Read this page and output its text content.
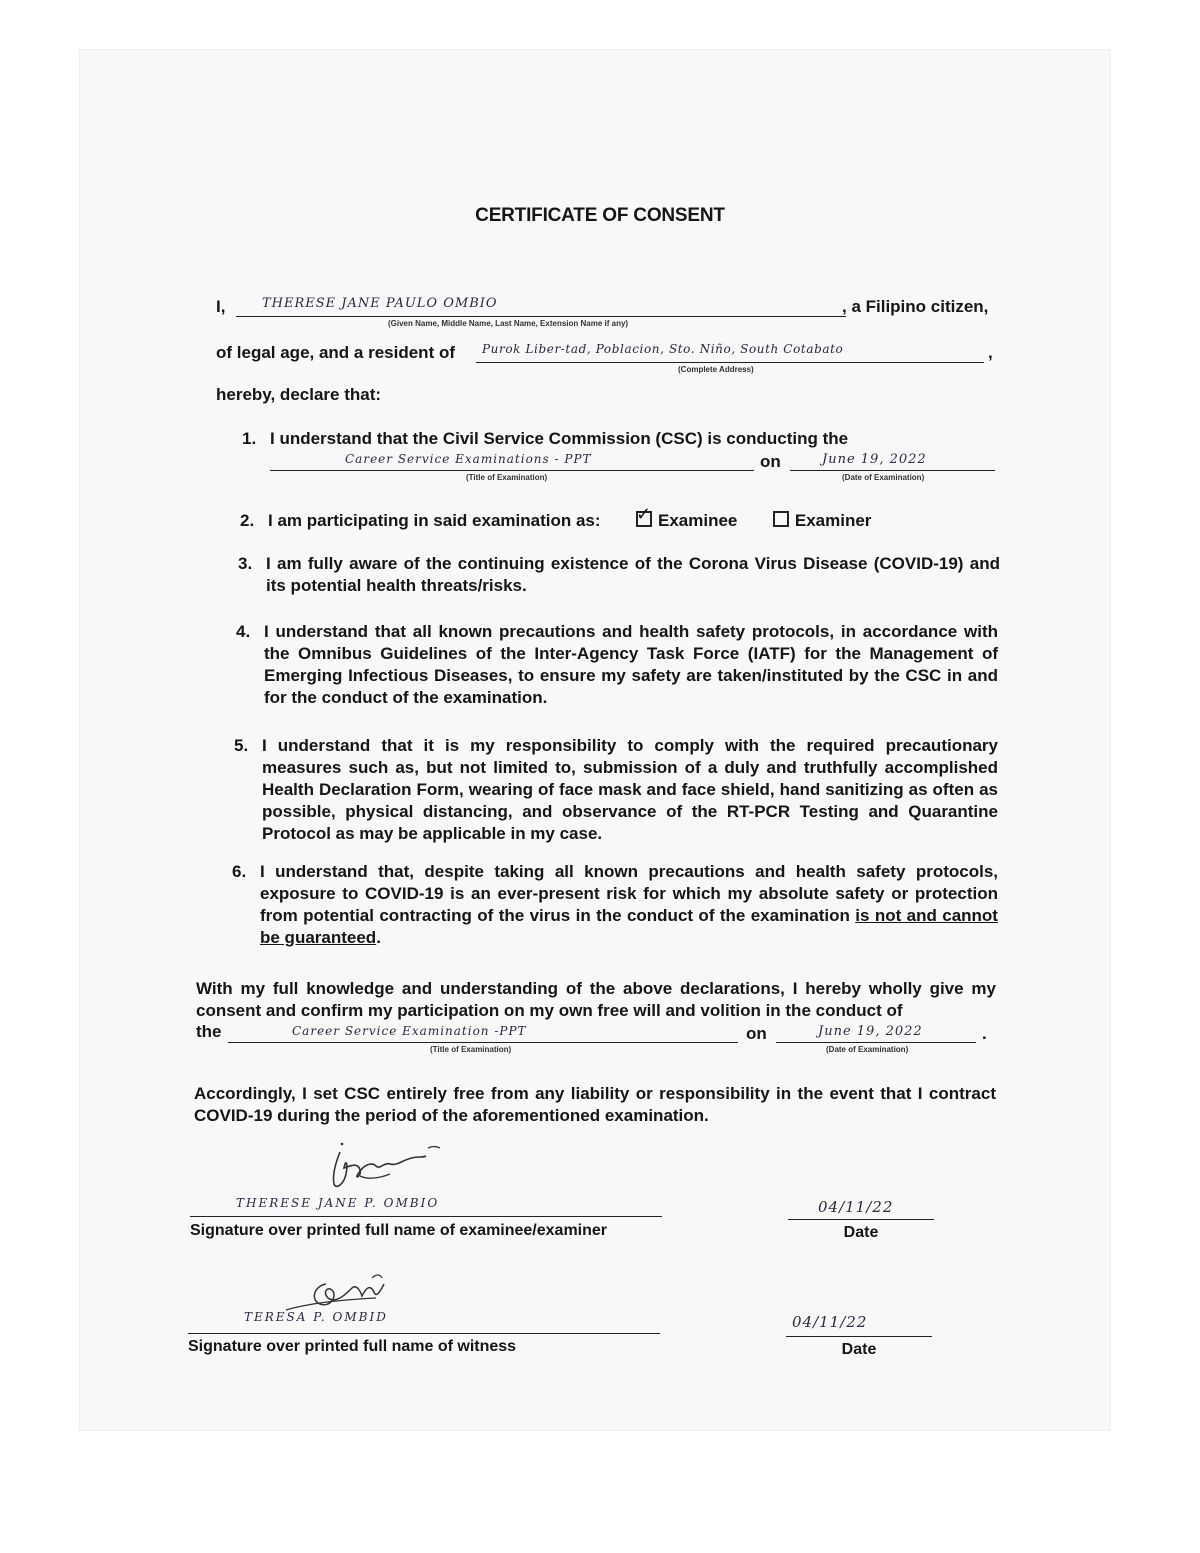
CERTIFICATE OF CONSENT
I,	THERESE JANE PAULO OMBIO	, a Filipino citizen,
(Given Name, Middle Name, Last Name, Extension Name if any)
of legal age, and a resident of Purok Liber-tad, Poblacion, Sto. Niño, South Cotabato	,
(Complete Address)
hereby, declare that:
1. I understand that the Civil Service Commission (CSC) is conducting the
Career Service Examinations - PPT	on	June 19, 2022
(Title of Examination)	(Date of Examination)
2. I am participating in said examination as: ✓ Examinee	Examiner
3. I am fully aware of the continuing existence of the Corona Virus Disease (COVID-19) and its potential health threats/risks.
4. I understand that all known precautions and health safety protocols, in accordance with the Omnibus Guidelines of the Inter-Agency Task Force (IATF) for the Management of Emerging Infectious Diseases, to ensure my safety are taken/instituted by the CSC in and for the conduct of the examination.
5. I understand that it is my responsibility to comply with the required precautionary measures such as, but not limited to, submission of a duly and truthfully accomplished Health Declaration Form, wearing of face mask and face shield, hand sanitizing as often as possible, physical distancing, and observance of the RT-PCR Testing and Quarantine Protocol as may be applicable in my case.
6. I understand that, despite taking all known precautions and health safety protocols, exposure to COVID-19 is an ever-present risk for which my absolute safety or protection from potential contracting of the virus in the conduct of the examination is not and cannot be guaranteed.
With my full knowledge and understanding of the above declarations, I hereby wholly give my consent and confirm my participation on my own free will and volition in the conduct of
the	Career Service Examination -PPT	on	June 19, 2022	.
(Title of Examination)	(Date of Examination)
Accordingly, I set CSC entirely free from any liability or responsibility in the event that I contract COVID-19 during the period of the aforementioned examination.
THERESE JANE P. OMBIO
Signature over printed full name of examinee/examiner
04/11/22
Date
TERESA P. OMBID
Signature over printed full name of witness
04/11/22
Date
